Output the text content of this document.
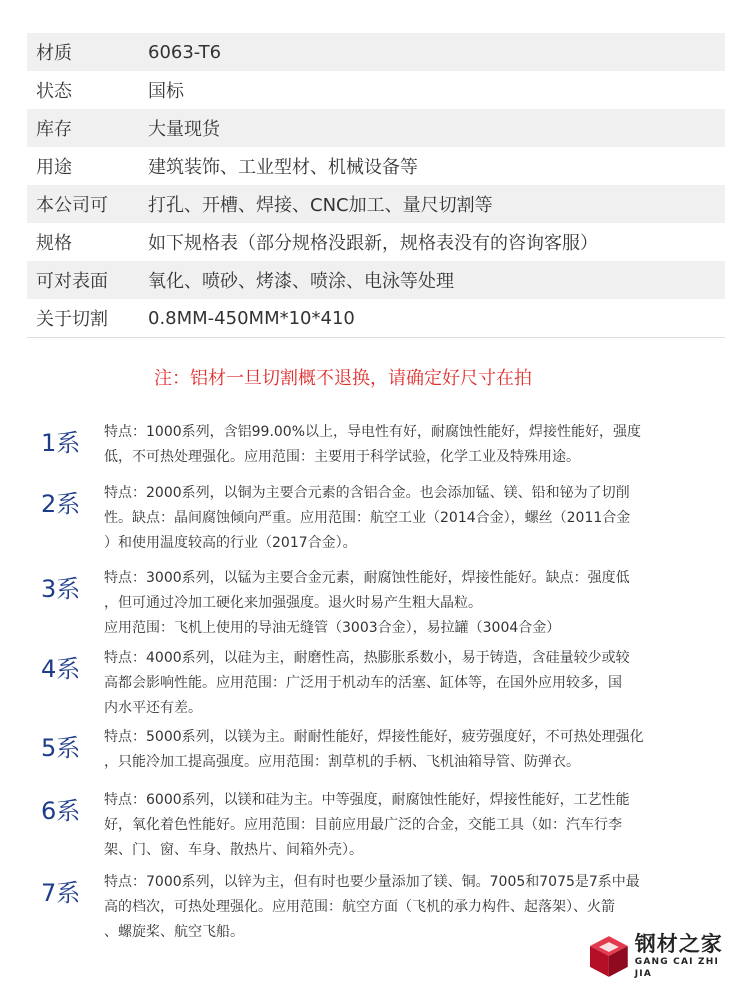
材质	6063-T6
状态	国标
库存	大量现货
用途	建筑装饰、工业型材、机械设备等
本公司可	打孔、开槽、焊接、CNC加工、量尺切割等
规格	如下规格表（部分规格没跟新，规格表没有的咨询客服）
可对表面	氧化、喷砂、烤漆、喷涂、电泳等处理
关于切割	0.8MM-450MM*10*410
注：铝材一旦切割概不退换，请确定好尺寸在拍
1系 特点：1000系列，含铝99.00%以上，导电性有好，耐腐蚀性能好，焊接性能好，强度
低，不可热处理强化。应用范围：主要用于科学试验，化学工业及特殊用途。
2系 特点：2000系列，以铜为主要合元素的含铝合金。也会添加锰、镁、铅和铋为了切削
性。缺点：晶间腐蚀倾向严重。应用范围：航空工业（2014合金），螺丝（2011合金
）和使用温度较高的行业（2017合金）。
3系 特点：3000系列，以锰为主要合金元素，耐腐蚀性能好，焊接性能好。缺点：强度低
，但可通过冷加工硬化来加强强度。退火时易产生粗大晶粒。
应用范围：飞机上使用的导油无缝管（3003合金），易拉罐（3004合金）
4系 特点：4000系列，以硅为主，耐磨性高，热膨胀系数小，易于铸造，含硅量较少或较
高都会影响性能。应用范围：广泛用于机动车的活塞、缸体等，在国外应用较多，国
内水平还有差。
5系 特点：5000系列，以镁为主。耐耐性能好，焊接性能好，疲劳强度好，不可热处理强化
，只能冷加工提高强度。应用范围：割草机的手柄、飞机油箱导管、防弹衣。
6系 特点：6000系列，以镁和硅为主。中等强度，耐腐蚀性能好，焊接性能好，工艺性能
好，氧化着色性能好。应用范围：目前应用最广泛的合金，交能工具（如：汽车行李
架、门、窗、车身、散热片、间箱外壳）。
7系 特点：7000系列，以锌为主，但有时也要少量添加了镁、铜。7005和7075是7系中最
高的档次，可热处理强化。应用范围：航空方面（飞机的承力构件、起落架）、火箭
、螺旋桨、航空飞船。	钢材之家
GANG CAI ZHI JIA
